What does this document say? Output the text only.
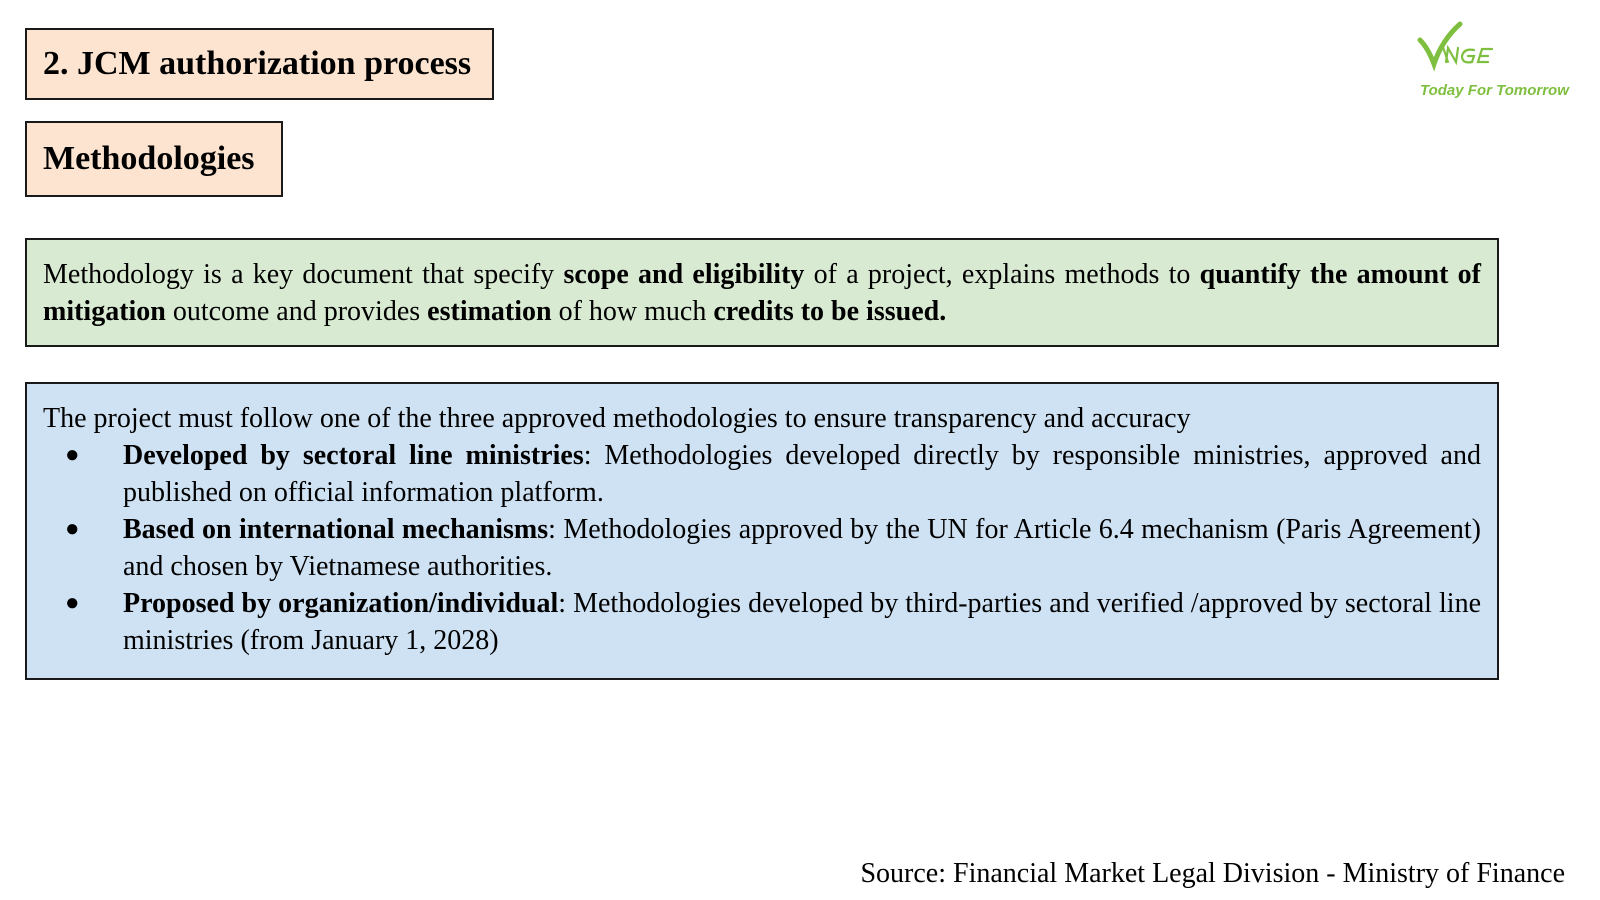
2. JCM authorization process
Methodologies
Today For Tomorrow
Methodology is a key document that specify scope and eligibility of a project, explains methods to quantify the amount of mitigation outcome and provides estimation of how much credits to be issued.
The project must follow one of the three approved methodologies to ensure transparency and accuracy
● Developed by sectoral line ministries: Methodologies developed directly by responsible ministries, approved and published on official information platform.
● Based on international mechanisms: Methodologies approved by the UN for Article 6.4 mechanism (Paris Agreement) and chosen by Vietnamese authorities.
● Proposed by organization/individual: Methodologies developed by third-parties and verified /approved by sectoral line ministries (from January 1, 2028)
Source: Financial Market Legal Division - Ministry of Finance
